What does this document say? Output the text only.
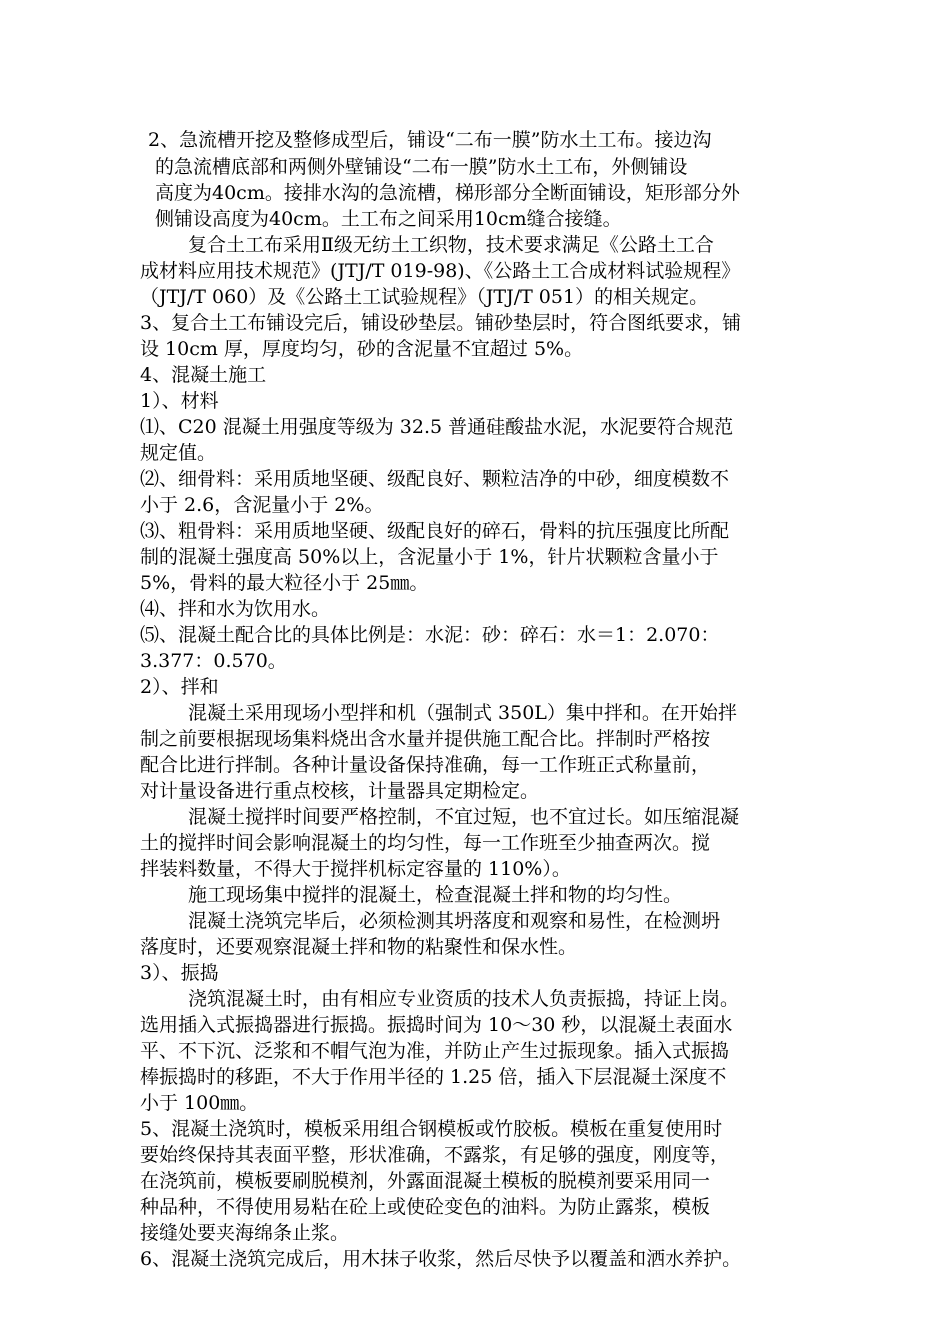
2、急流槽开挖及整修成型后，铺设“二布一膜”防水土工布。接边沟
的急流槽底部和两侧外壁铺设“二布一膜”防水土工布，外侧铺设
高度为40cm。接排水沟的急流槽，梯形部分全断面铺设，矩形部分外
侧铺设高度为40cm。土工布之间采用10cm缝合接缝。
复合土工布采用Ⅱ级无纺土工织物，技术要求满足《公路土工合
成材料应用技术规范》(JTJ/T 019-98)、《公路土工合成材料试验规程》
（JTJ/T 060）及《公路土工试验规程》（JTJ/T 051）的相关规定。
3、复合土工布铺设完后，铺设砂垫层。铺砂垫层时，符合图纸要求，铺
设 10cm 厚，厚度均匀，砂的含泥量不宜超过 5%。
4、混凝土施工
1）、材料
⑴、C20 混凝土用强度等级为 32.5 普通硅酸盐水泥，水泥要符合规范
规定值。
⑵、细骨料：采用质地坚硬、级配良好、颗粒洁净的中砂，细度模数不
小于 2.6，含泥量小于 2%。
⑶、粗骨料：采用质地坚硬、级配良好的碎石，骨料的抗压强度比所配
制的混凝土强度高 50%以上，含泥量小于 1%，针片状颗粒含量小于
5%，骨料的最大粒径小于 25㎜。
⑷、拌和水为饮用水。
⑸、混凝土配合比的具体比例是：水泥：砂：碎石：水＝1：2.070：
3.377：0.570。
2）、拌和
混凝土采用现场小型拌和机（强制式 350L）集中拌和。在开始拌
制之前要根据现场集料烧出含水量并提供施工配合比。拌制时严格按
配合比进行拌制。各种计量设备保持准确，每一工作班正式称量前，
对计量设备进行重点校核，计量器具定期检定。
混凝土搅拌时间要严格控制，不宜过短，也不宜过长。如压缩混凝
土的搅拌时间会影响混凝土的均匀性，每一工作班至少抽查两次。搅
拌装料数量，不得大于搅拌机标定容量的 110%）。
施工现场集中搅拌的混凝土，检查混凝土拌和物的均匀性。
混凝土浇筑完毕后，必须检测其坍落度和观察和易性，在检测坍
落度时，还要观察混凝土拌和物的粘聚性和保水性。
3）、振捣
浇筑混凝土时，由有相应专业资质的技术人负责振捣，持证上岗。
选用插入式振捣器进行振捣。振捣时间为 10～30 秒，以混凝土表面水
平、不下沉、泛浆和不帽气泡为准，并防止产生过振现象。插入式振捣
棒振捣时的移距，不大于作用半径的 1.25 倍，插入下层混凝土深度不
小于 100㎜。
5、混凝土浇筑时，模板采用组合钢模板或竹胶板。模板在重复使用时
要始终保持其表面平整，形状准确，不露浆，有足够的强度，刚度等，
在浇筑前，模板要刷脱模剂，外露面混凝土模板的脱模剂要采用同一
种品种，不得使用易粘在砼上或使砼变色的油料。为防止露浆，模板
接缝处要夹海绵条止浆。
6、混凝土浇筑完成后，用木抹子收浆，然后尽快予以覆盖和洒水养护。
